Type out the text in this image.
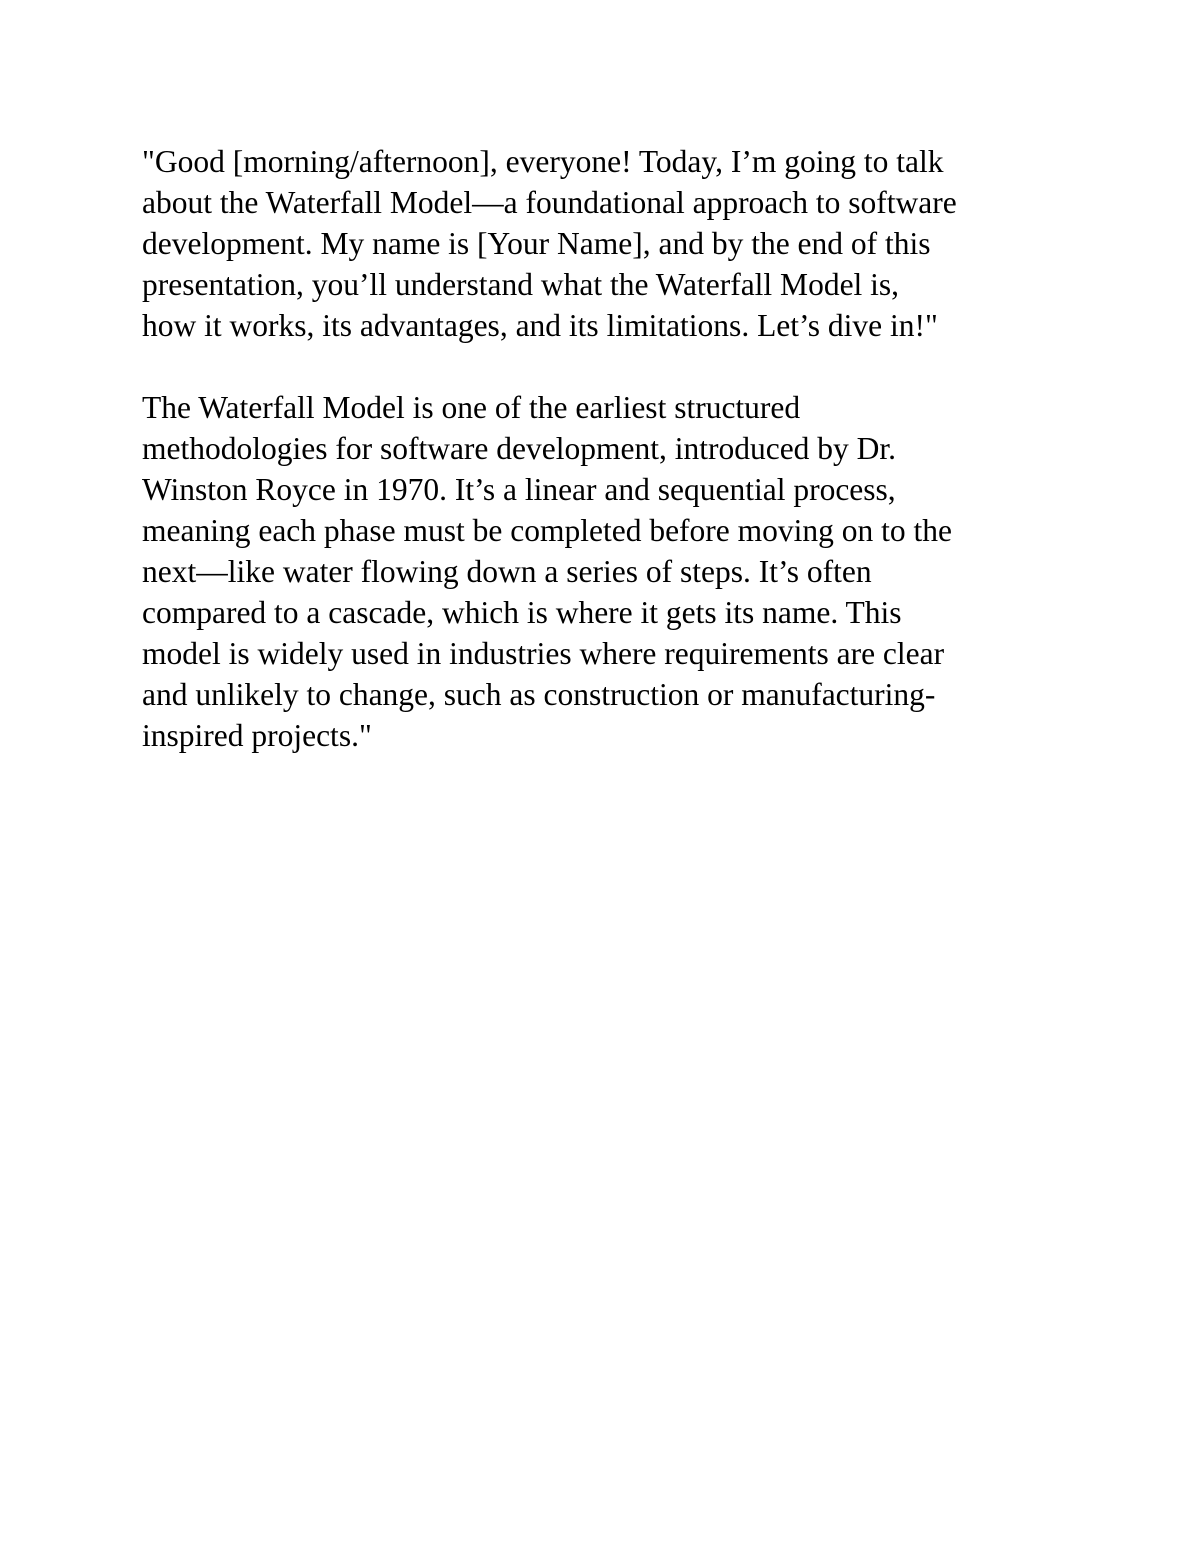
"Good [morning/afternoon], everyone! Today, I’m going to talk
about the Waterfall Model—a foundational approach to software
development. My name is [Your Name], and by the end of this
presentation, you’ll understand what the Waterfall Model is,
how it works, its advantages, and its limitations. Let’s dive in!"

The Waterfall Model is one of the earliest structured
methodologies for software development, introduced by Dr.
Winston Royce in 1970. It’s a linear and sequential process,
meaning each phase must be completed before moving on to the
next—like water flowing down a series of steps. It’s often
compared to a cascade, which is where it gets its name. This
model is widely used in industries where requirements are clear
and unlikely to change, such as construction or manufacturing-
inspired projects."
